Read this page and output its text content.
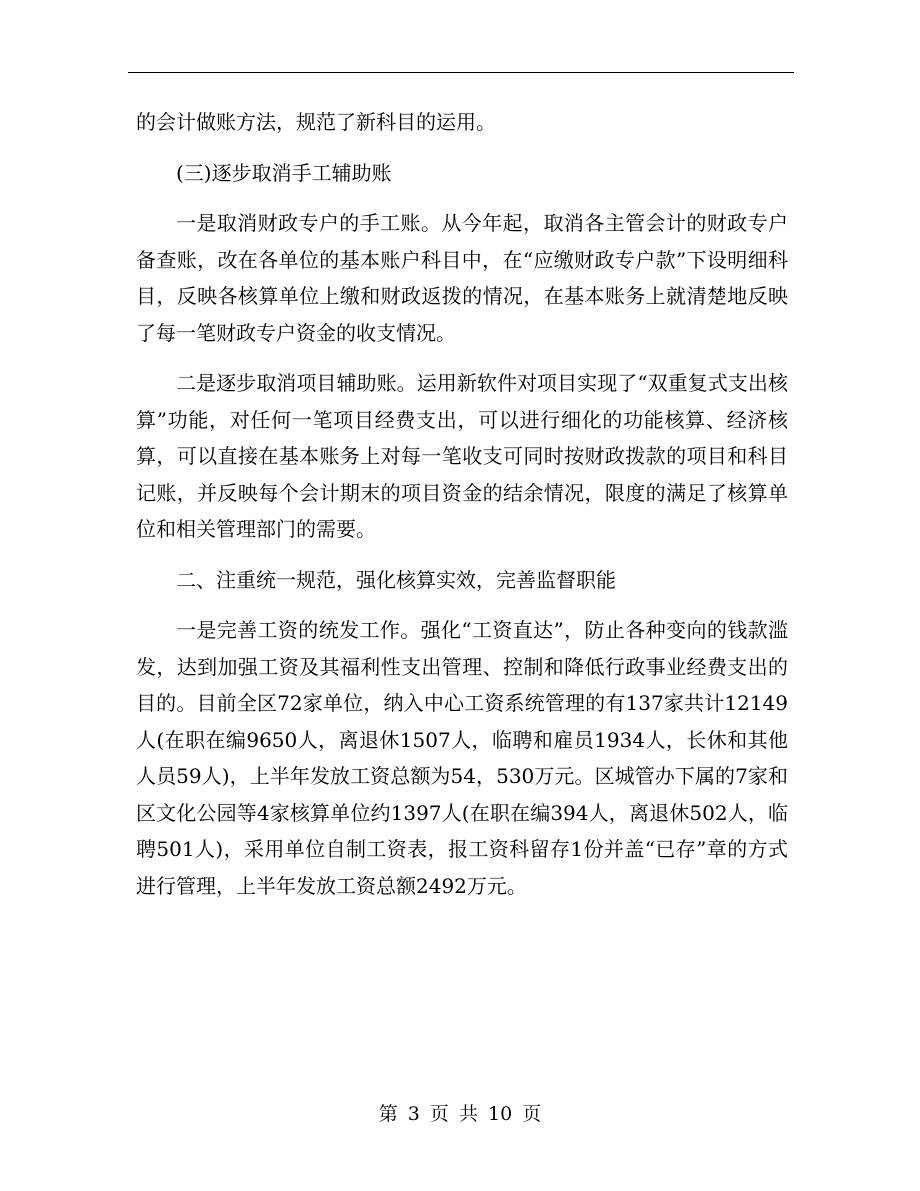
的会计做账方法，规范了新科目的运用。

(三)逐步取消手工辅助账

一是取消财政专户的手工账。从今年起，取消各主管会计的财政专户备查账，改在各单位的基本账户科目中，在“应缴财政专户款”下设明细科目，反映各核算单位上缴和财政返拨的情况，在基本账务上就清楚地反映了每一笔财政专户资金的收支情况。

二是逐步取消项目辅助账。运用新软件对项目实现了“双重复式支出核算”功能，对任何一笔项目经费支出，可以进行细化的功能核算、经济核算，可以直接在基本账务上对每一笔收支可同时按财政拨款的项目和科目记账，并反映每个会计期末的项目资金的结余情况，限度的满足了核算单位和相关管理部门的需要。

二、注重统一规范，强化核算实效，完善监督职能

一是完善工资的统发工作。强化“工资直达”，防止各种变向的钱款滥发，达到加强工资及其福利性支出管理、控制和降低行政事业经费支出的目的。目前全区72家单位，纳入中心工资系统管理的有137家共计12149人(在职在编9650人，离退休1507人，临聘和雇员1934人，长休和其他人员59人)，上半年发放工资总额为54，530万元。区城管办下属的7家和区文化公园等4家核算单位约1397人(在职在编394人，离退休502人，临聘501人)，采用单位自制工资表，报工资科留存1份并盖“已存”章的方式进行管理，上半年发放工资总额2492万元。

第 3 页 共 10 页
